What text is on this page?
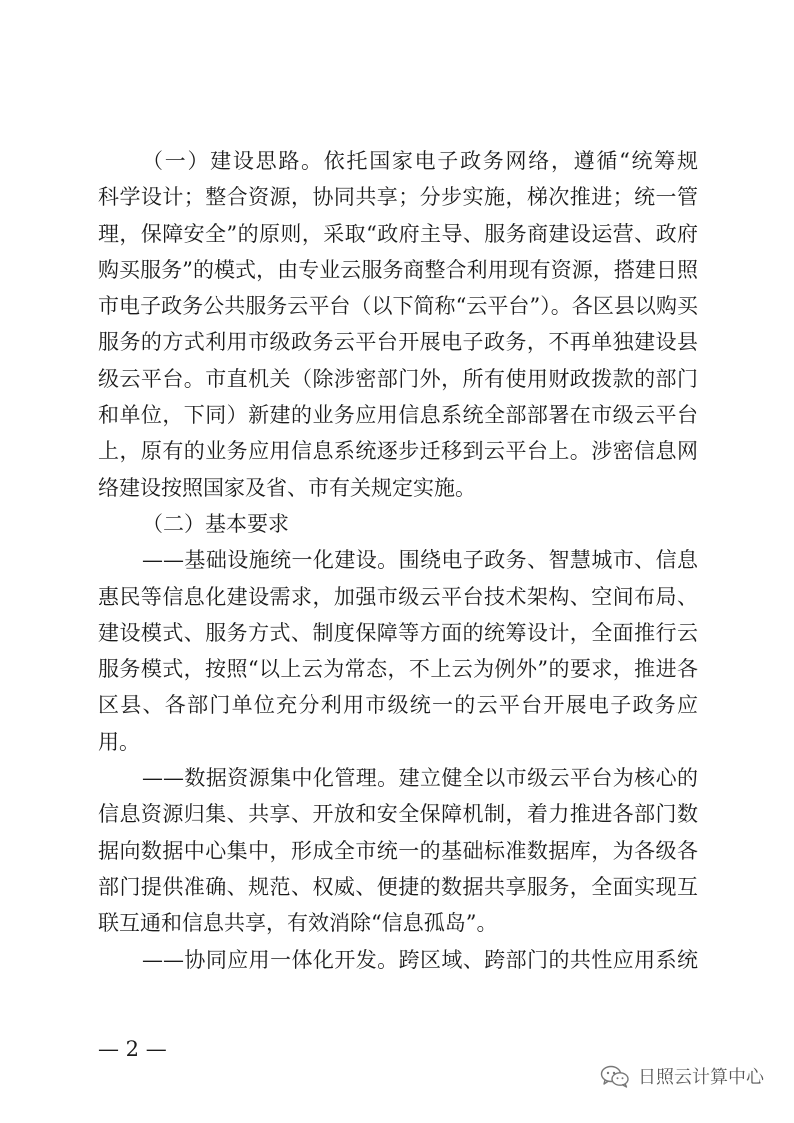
（一）建设思路。依托国家电子政务网络，遵循“统筹规
科学设计；整合资源，协同共享；分步实施，梯次推进；统一管
理，保障安全”的原则，采取“政府主导、服务商建设运营、政府
购买服务”的模式，由专业云服务商整合利用现有资源，搭建日照
市电子政务公共服务云平台（以下简称“云平台”）。各区县以购买
服务的方式利用市级政务云平台开展电子政务，不再单独建设县
级云平台。市直机关（除涉密部门外，所有使用财政拨款的部门
和单位，下同）新建的业务应用信息系统全部部署在市级云平台
上，原有的业务应用信息系统逐步迁移到云平台上。涉密信息网
络建设按照国家及省、市有关规定实施。
（二）基本要求
——基础设施统一化建设。围绕电子政务、智慧城市、信息
惠民等信息化建设需求，加强市级云平台技术架构、空间布局、
建设模式、服务方式、制度保障等方面的统筹设计，全面推行云
服务模式，按照“以上云为常态，不上云为例外”的要求，推进各
区县、各部门单位充分利用市级统一的云平台开展电子政务应
用。
——数据资源集中化管理。建立健全以市级云平台为核心的
信息资源归集、共享、开放和安全保障机制，着力推进各部门数
据向数据中心集中，形成全市统一的基础标准数据库，为各级各
部门提供准确、规范、权威、便捷的数据共享服务，全面实现互
联互通和信息共享，有效消除“信息孤岛”。
——协同应用一体化开发。跨区域、跨部门的共性应用系统
— 2 —
日照云计算中心
